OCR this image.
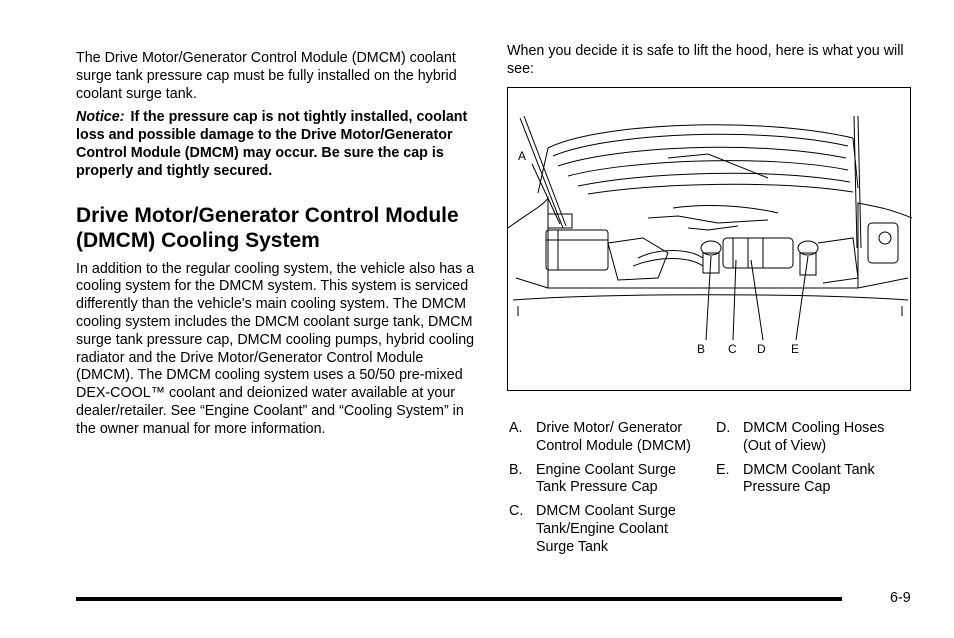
The Drive Motor/Generator Control Module (DMCM) coolant surge tank pressure cap must be fully installed on the hybrid coolant surge tank.

Notice: If the pressure cap is not tightly installed, coolant loss and possible damage to the Drive Motor/Generator Control Module (DMCM) may occur. Be sure the cap is properly and tightly secured.

Drive Motor/Generator Control Module (DMCM) Cooling System

In addition to the regular cooling system, the vehicle also has a cooling system for the DMCM system. This system is serviced differently than the vehicle's main cooling system. The DMCM cooling system includes the DMCM coolant surge tank, DMCM surge tank pressure cap, DMCM cooling pumps, hybrid cooling radiator and the Drive Motor/Generator Control Module (DMCM). The DMCM cooling system uses a 50/50 pre-mixed DEX-COOL™ coolant and deionized water available at your dealer/retailer. See “Engine Coolant” and “Cooling System” in the owner manual for more information.

When you decide it is safe to lift the hood, here is what you will see:

A
B C D E
A. Drive Motor/ Generator Control Module (DMCM)
B. Engine Coolant Surge Tank Pressure Cap
C. DMCM Coolant Surge Tank/Engine Coolant Surge Tank
D. DMCM Cooling Hoses (Out of View)
E. DMCM Coolant Tank Pressure Cap
6-9
